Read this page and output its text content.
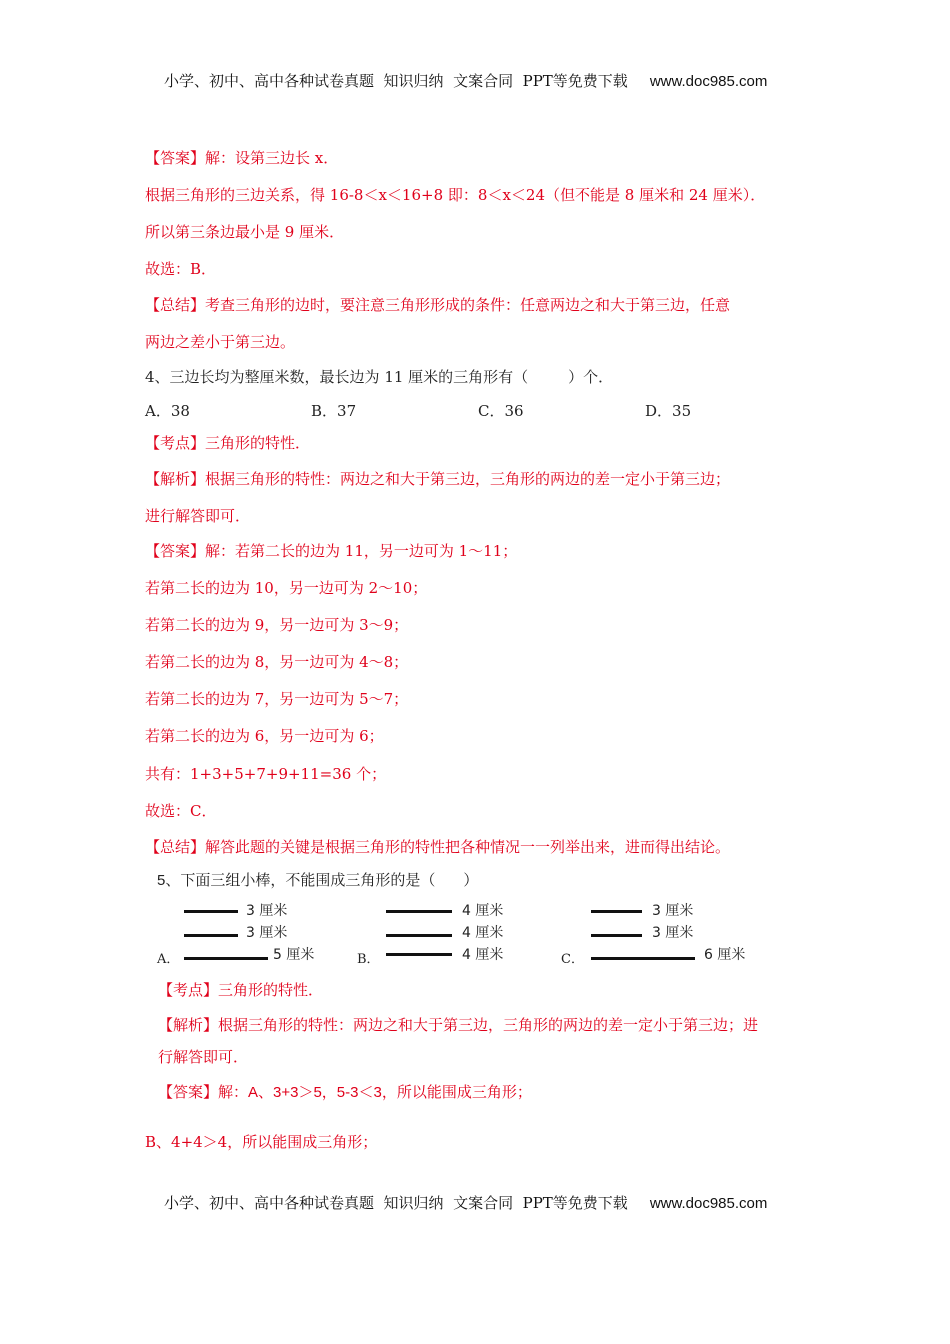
小学、初中、高中各种试卷真题  知识归纳  文案合同  PPT等免费下载 www.doc985.com
【答案】解：设第三边长 x．
根据三角形的三边关系，得 16-8＜x＜16+8 即：8＜x＜24（但不能是 8 厘米和 24 厘米）．
所以第三条边最小是 9 厘米．
故选：B．
【总结】考查三角形的边时，要注意三角形形成的条件：任意两边之和大于第三边，任意
两边之差小于第三边。
4、三边长均为整厘米数，最长边为 11 厘米的三角形有（	）个．
A．38	B．37	C．36	D．35
【考点】三角形的特性．
【解析】根据三角形的特性：两边之和大于第三边，三角形的两边的差一定小于第三边；
进行解答即可．
【答案】解：若第二长的边为 11，另一边可为 1～11；
若第二长的边为 10，另一边可为 2～10；
若第二长的边为 9，另一边可为 3～9；
若第二长的边为 8，另一边可为 4～8；
若第二长的边为 7，另一边可为 5～7；
若第二长的边为 6，另一边可为 6；
共有：1+3+5+7+9+11=36 个；
故选：C．
【总结】解答此题的关键是根据三角形的特性把各种情况一一列举出来，进而得出结论。
5、下面三组小棒，不能围成三角形的是（ ）
3 厘米
3 厘米
A．	5 厘米
4 厘米
4 厘米
B．	4 厘米
3 厘米
3 厘米
C．	6 厘米
【考点】三角形的特性．
【解析】根据三角形的特性：两边之和大于第三边，三角形的两边的差一定小于第三边；进
行解答即可．
【答案】解：A、3+3＞5，5-3＜3，所以能围成三角形；
B、4+4＞4，所以能围成三角形；
小学、初中、高中各种试卷真题  知识归纳  文案合同  PPT等免费下载 www.doc985.com
